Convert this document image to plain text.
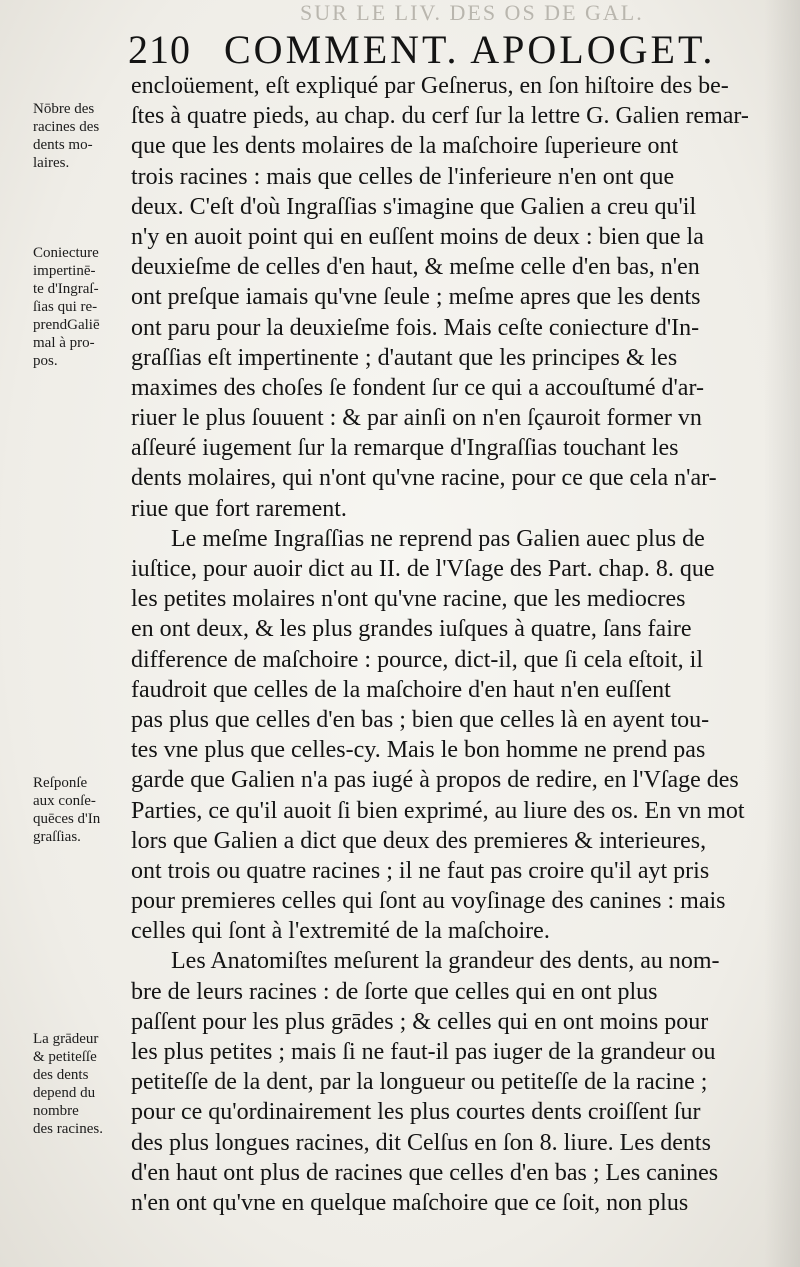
SUR LE LIV. DES OS DE GAL.
210 COMMENT. APOLOGET.
Nōbre des
racines des
dents mo-
laires.
Coniecture
impertinē-
te d'Ingraſ-
ſias qui re-
prendGaliē
mal à pro-
pos.
Reſponſe
aux conſe-
quēces d'In
graſſias.
La grādeur
& petiteſſe
des dents
depend du
nombre
des racines.
encloüement, eſt expliqué par Geſnerus, en ſon hiſtoire des be-
ſtes à quatre pieds, au chap. du cerf ſur la lettre G. Galien remar-
que que les dents molaires de la maſchoire ſuperieure ont
trois racines : mais que celles de l'inferieure n'en ont que
deux. C'eſt d'où Ingraſſias s'imagine que Galien a creu qu'il
n'y en auoit point qui en euſſent moins de deux : bien que la
deuxieſme de celles d'en haut, & meſme celle d'en bas, n'en
ont preſque iamais qu'vne ſeule ; meſme apres que les dents
ont paru pour la deuxieſme fois. Mais ceſte coniecture d'In-
graſſias eſt impertinente ; d'autant que les principes & les
maximes des choſes ſe fondent ſur ce qui a accouſtumé d'ar-
riuer le plus ſouuent : & par ainſi on n'en ſçauroit former vn
aſſeuré iugement ſur la remarque d'Ingraſſias touchant les
dents molaires, qui n'ont qu'vne racine, pour ce que cela n'ar-
riue que fort rarement.
Le meſme Ingraſſias ne reprend pas Galien auec plus de
iuſtice, pour auoir dict au II. de l'Vſage des Part. chap. 8. que
les petites molaires n'ont qu'vne racine, que les mediocres
en ont deux, & les plus grandes iuſques à quatre, ſans faire
difference de maſchoire : pource, dict-il, que ſi cela eſtoit, il
faudroit que celles de la maſchoire d'en haut n'en euſſent
pas plus que celles d'en bas ; bien que celles là en ayent tou-
tes vne plus que celles-cy. Mais le bon homme ne prend pas
garde que Galien n'a pas iugé à propos de redire, en l'Vſage des
Parties, ce qu'il auoit ſi bien exprimé, au liure des os. En vn mot
lors que Galien a dict que deux des premieres & interieures,
ont trois ou quatre racines ; il ne faut pas croire qu'il ayt pris
pour premieres celles qui ſont au voyſinage des canines : mais
celles qui ſont à l'extremité de la maſchoire.
Les Anatomiſtes meſurent la grandeur des dents, au nom-
bre de leurs racines : de ſorte que celles qui en ont plus
paſſent pour les plus grādes ; & celles qui en ont moins pour
les plus petites ; mais ſi ne faut-il pas iuger de la grandeur ou
petiteſſe de la dent, par la longueur ou petiteſſe de la racine ;
pour ce qu'ordinairement les plus courtes dents croiſſent ſur
des plus longues racines, dit Celſus en ſon 8. liure. Les dents
d'en haut ont plus de racines que celles d'en bas ; Les canines
n'en ont qu'vne en quelque maſchoire que ce ſoit, non plus
